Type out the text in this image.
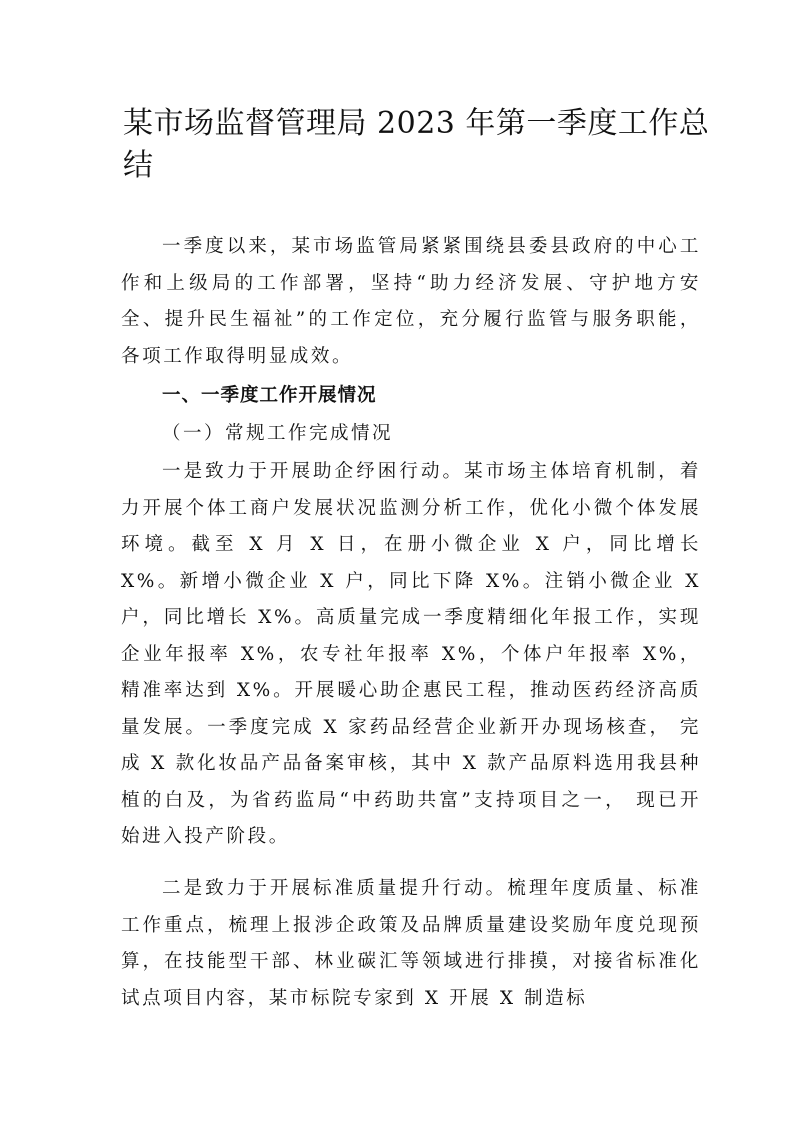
某市场监督管理局 2023 年第一季度工作总结

一季度以来，某市场监管局紧紧围绕县委县政府的中心工作和上级局的工作部署，坚持“助力经济发展、守护地方安全、提升民生福祉”的工作定位，充分履行监管与服务职能，各项工作取得明显成效。

一、一季度工作开展情况
（一）常规工作完成情况

一是致力于开展助企纾困行动。某市场主体培育机制，着力开展个体工商户发展状况监测分析工作，优化小微个体发展环境。截至 X 月 X 日，在册小微企业 X 户，同比增长 X%。新增小微企业 X 户，同比下降 X%。注销小微企业 X 户，同比增长 X%。高质量完成一季度精细化年报工作，实现企业年报率 X%，农专社年报率 X%，个体户年报率 X%， 精准率达到 X%。开展暖心助企惠民工程，推动医药经济高质量发展。一季度完成 X 家药品经营企业新开办现场核查， 完成 X 款化妆品产品备案审核，其中 X 款产品原料选用我县种植的白及，为省药监局“中药助共富”支持项目之一， 现已开始进入投产阶段。

二是致力于开展标准质量提升行动。梳理年度质量、标准工作重点，梳理上报涉企政策及品牌质量建设奖励年度兑现预算，在技能型干部、林业碳汇等领域进行排摸，对接省标准化试点项目内容，某市标院专家到 X 开展 X 制造标
